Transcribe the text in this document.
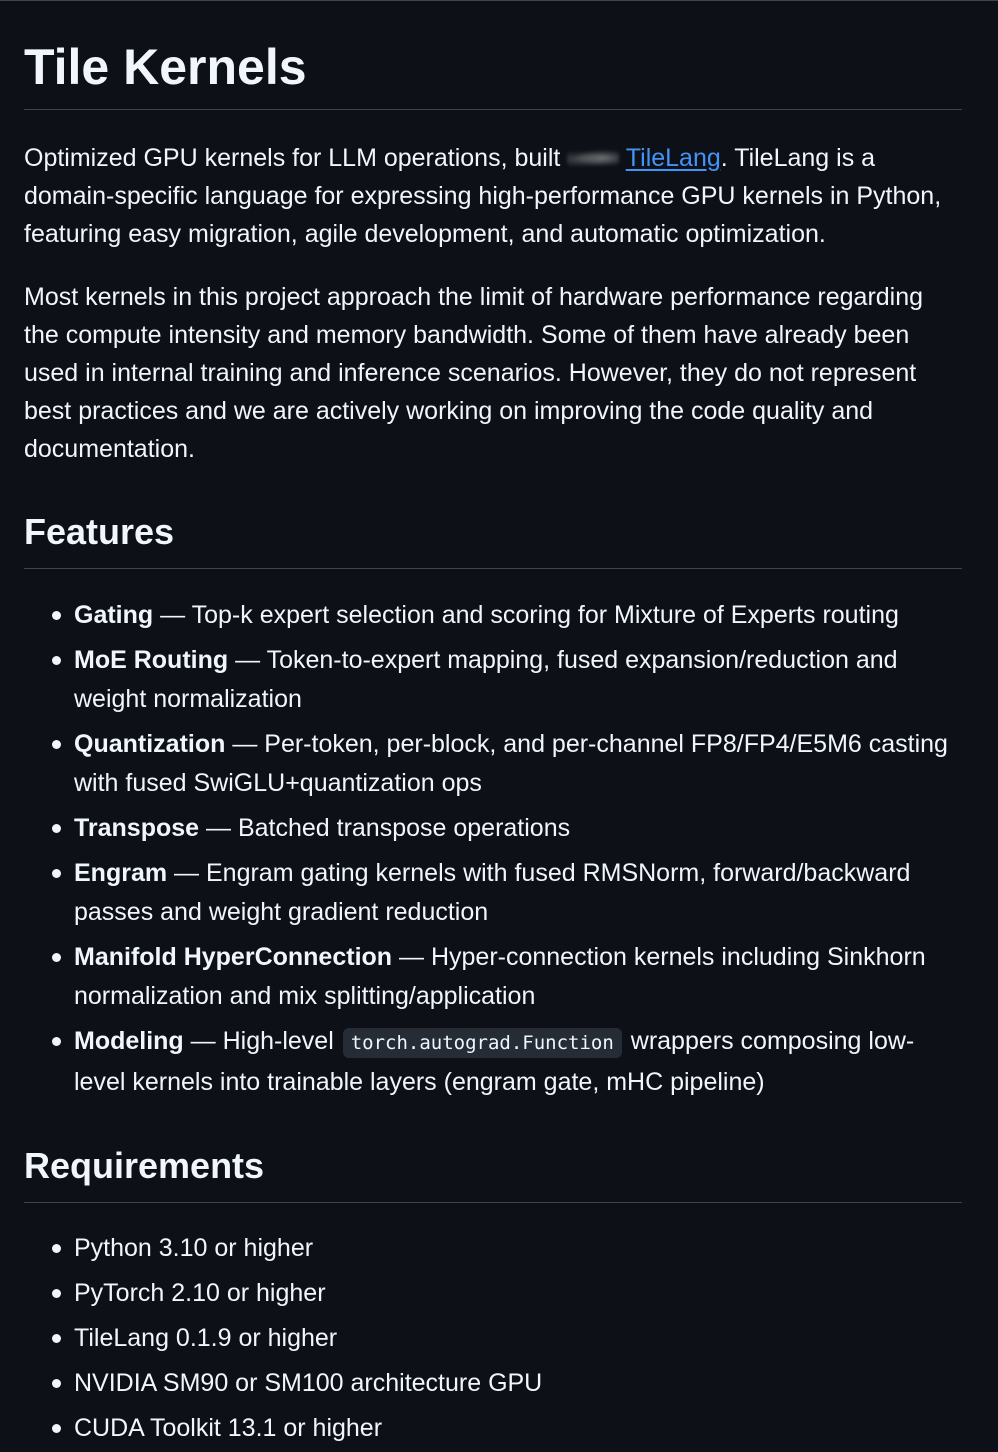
Tile Kernels

Optimized GPU kernels for LLM operations, built	TileLang. TileLang is a domain-specific language for expressing high-performance GPU kernels in Python, featuring easy migration, agile development, and automatic optimization.

Most kernels in this project approach the limit of hardware performance regarding the compute intensity and memory bandwidth. Some of them have already been used in internal training and inference scenarios. However, they do not represent best practices and we are actively working on improving the code quality and documentation.

Features
Gating — Top-k expert selection and scoring for Mixture of Experts routing
MoE Routing — Token-to-expert mapping, fused expansion/reduction and weight normalization
Quantization — Per-token, per-block, and per-channel FP8/FP4/E5M6 casting with fused SwiGLU+quantization ops
Transpose — Batched transpose operations
Engram — Engram gating kernels with fused RMSNorm, forward/backward passes and weight gradient reduction
Manifold HyperConnection — Hyper-connection kernels including Sinkhorn normalization and mix splitting/application
Modeling — High-level torch.autograd.Function wrappers composing low-level kernels into trainable layers (engram gate, mHC pipeline)
Requirements
Python 3.10 or higher
PyTorch 2.10 or higher
TileLang 0.1.9 or higher
NVIDIA SM90 or SM100 architecture GPU
CUDA Toolkit 13.1 or higher
